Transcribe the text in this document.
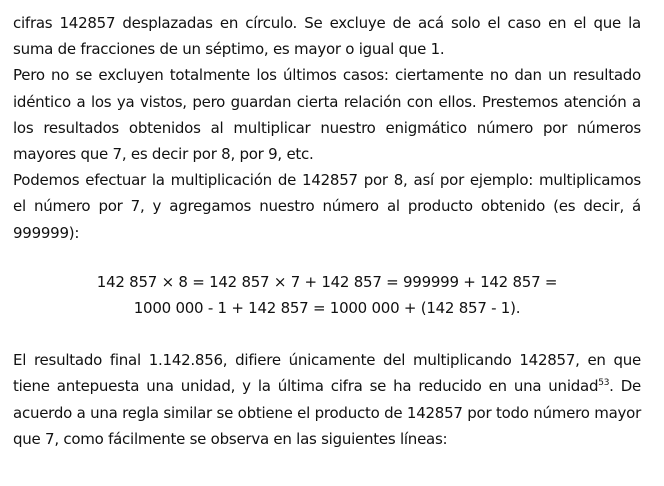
cifras 142857 desplazadas en círculo. Se excluye de acá solo el caso en el que la suma de fracciones de un séptimo, es mayor o igual que 1.

Pero no se excluyen totalmente los últimos casos: ciertamente no dan un resultado idéntico a los ya vistos, pero guardan cierta relación con ellos. Prestemos atención a los resultados obtenidos al multiplicar nuestro enigmático número por números mayores que 7, es decir por 8, por 9, etc.

Podemos efectuar la multiplicación de 142857 por 8, así por ejemplo: multiplicamos el número por 7, y agregamos nuestro número al producto obtenido (es decir, á 999999):

142 857 × 8 = 142 857 × 7 + 142 857 = 999999 + 142 857 =

1000 000 - 1 + 142 857 = 1000 000 + (142 857 - 1).

El resultado final 1.142.856, difiere únicamente del multiplicando 142857, en que tiene antepuesta una unidad, y la última cifra se ha reducido en una unidad$^{53}$. De acuerdo a una regla similar se obtiene el producto de 142857 por todo número mayor que 7, como fácilmente se observa en las siguientes líneas:
